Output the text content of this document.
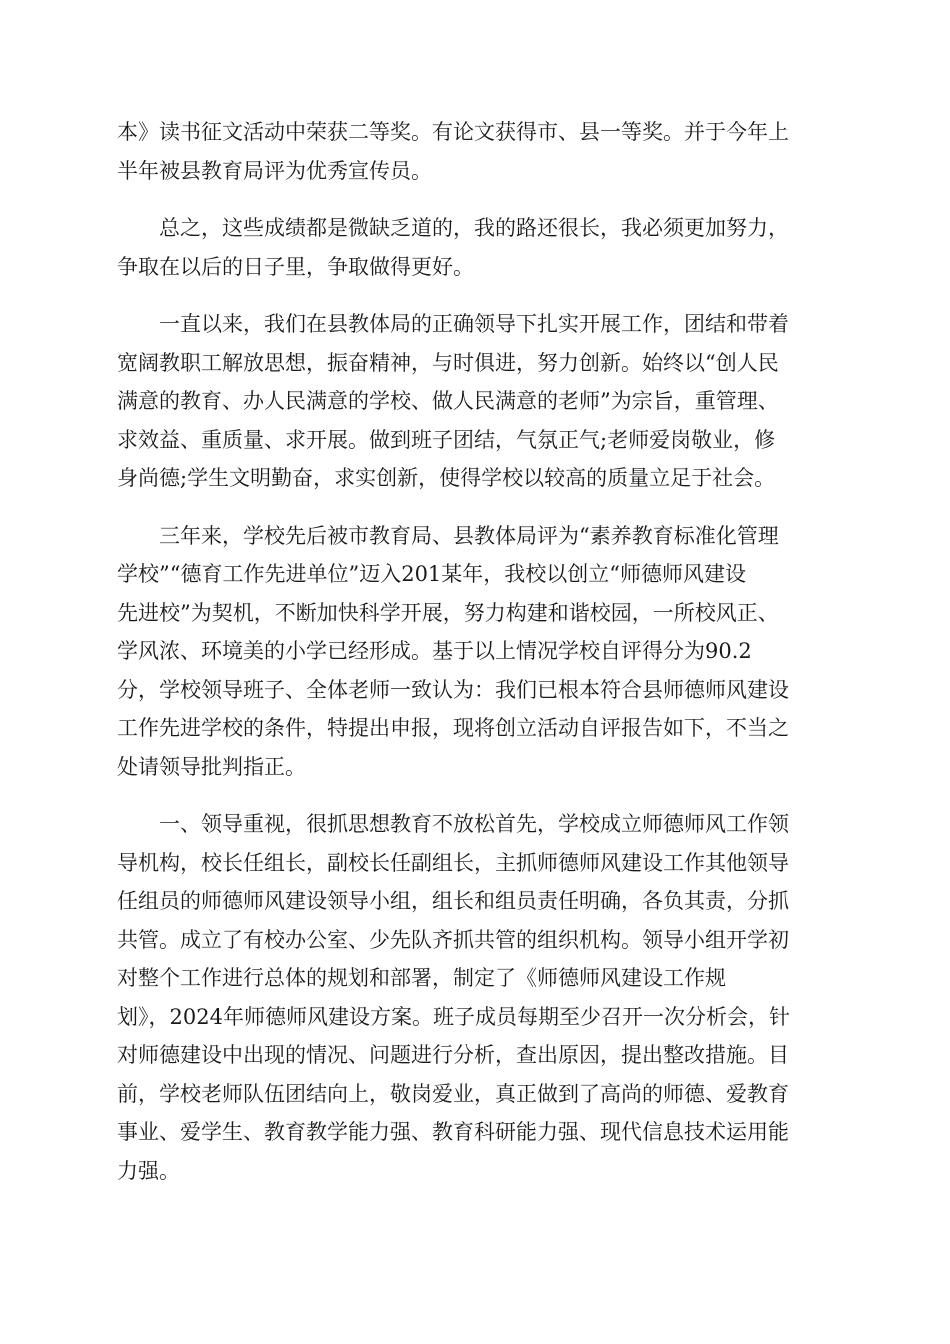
本》读书征文活动中荣获二等奖。有论文获得市、县一等奖。并于今年上
半年被县教育局评为优秀宣传员。
总之，这些成绩都是微缺乏道的，我的路还很长，我必须更加努力，
争取在以后的日子里，争取做得更好。
一直以来，我们在县教体局的正确领导下扎实开展工作，团结和带着
宽阔教职工解放思想，振奋精神，与时俱进，努力创新。始终以“创人民
满意的教育、办人民满意的学校、做人民满意的老师”为宗旨，重管理、
求效益、重质量、求开展。做到班子团结，气氛正气;老师爱岗敬业，修
身尚德;学生文明勤奋，求实创新，使得学校以较高的质量立足于社会。
三年来，学校先后被市教育局、县教体局评为“素养教育标准化管理
学校”“德育工作先进单位”迈入201某年，我校以创立“师德师风建设
先进校”为契机，不断加快科学开展，努力构建和谐校园，一所校风正、
学风浓、环境美的小学已经形成。基于以上情况学校自评得分为90.2
分，学校领导班子、全体老师一致认为：我们已根本符合县师德师风建设
工作先进学校的条件，特提出申报，现将创立活动自评报告如下，不当之
处请领导批判指正。
一、领导重视，很抓思想教育不放松首先，学校成立师德师风工作领
导机构，校长任组长，副校长任副组长，主抓师德师风建设工作其他领导
任组员的师德师风建设领导小组，组长和组员责任明确，各负其责，分抓
共管。成立了有校办公室、少先队齐抓共管的组织机构。领导小组开学初
对整个工作进行总体的规划和部署，制定了《师德师风建设工作规
划》，2024年师德师风建设方案。班子成员每期至少召开一次分析会，针
对师德建设中出现的情况、问题进行分析，查出原因，提出整改措施。目
前，学校老师队伍团结向上，敬岗爱业，真正做到了高尚的师德、爱教育
事业、爱学生、教育教学能力强、教育科研能力强、现代信息技术运用能
力强。
